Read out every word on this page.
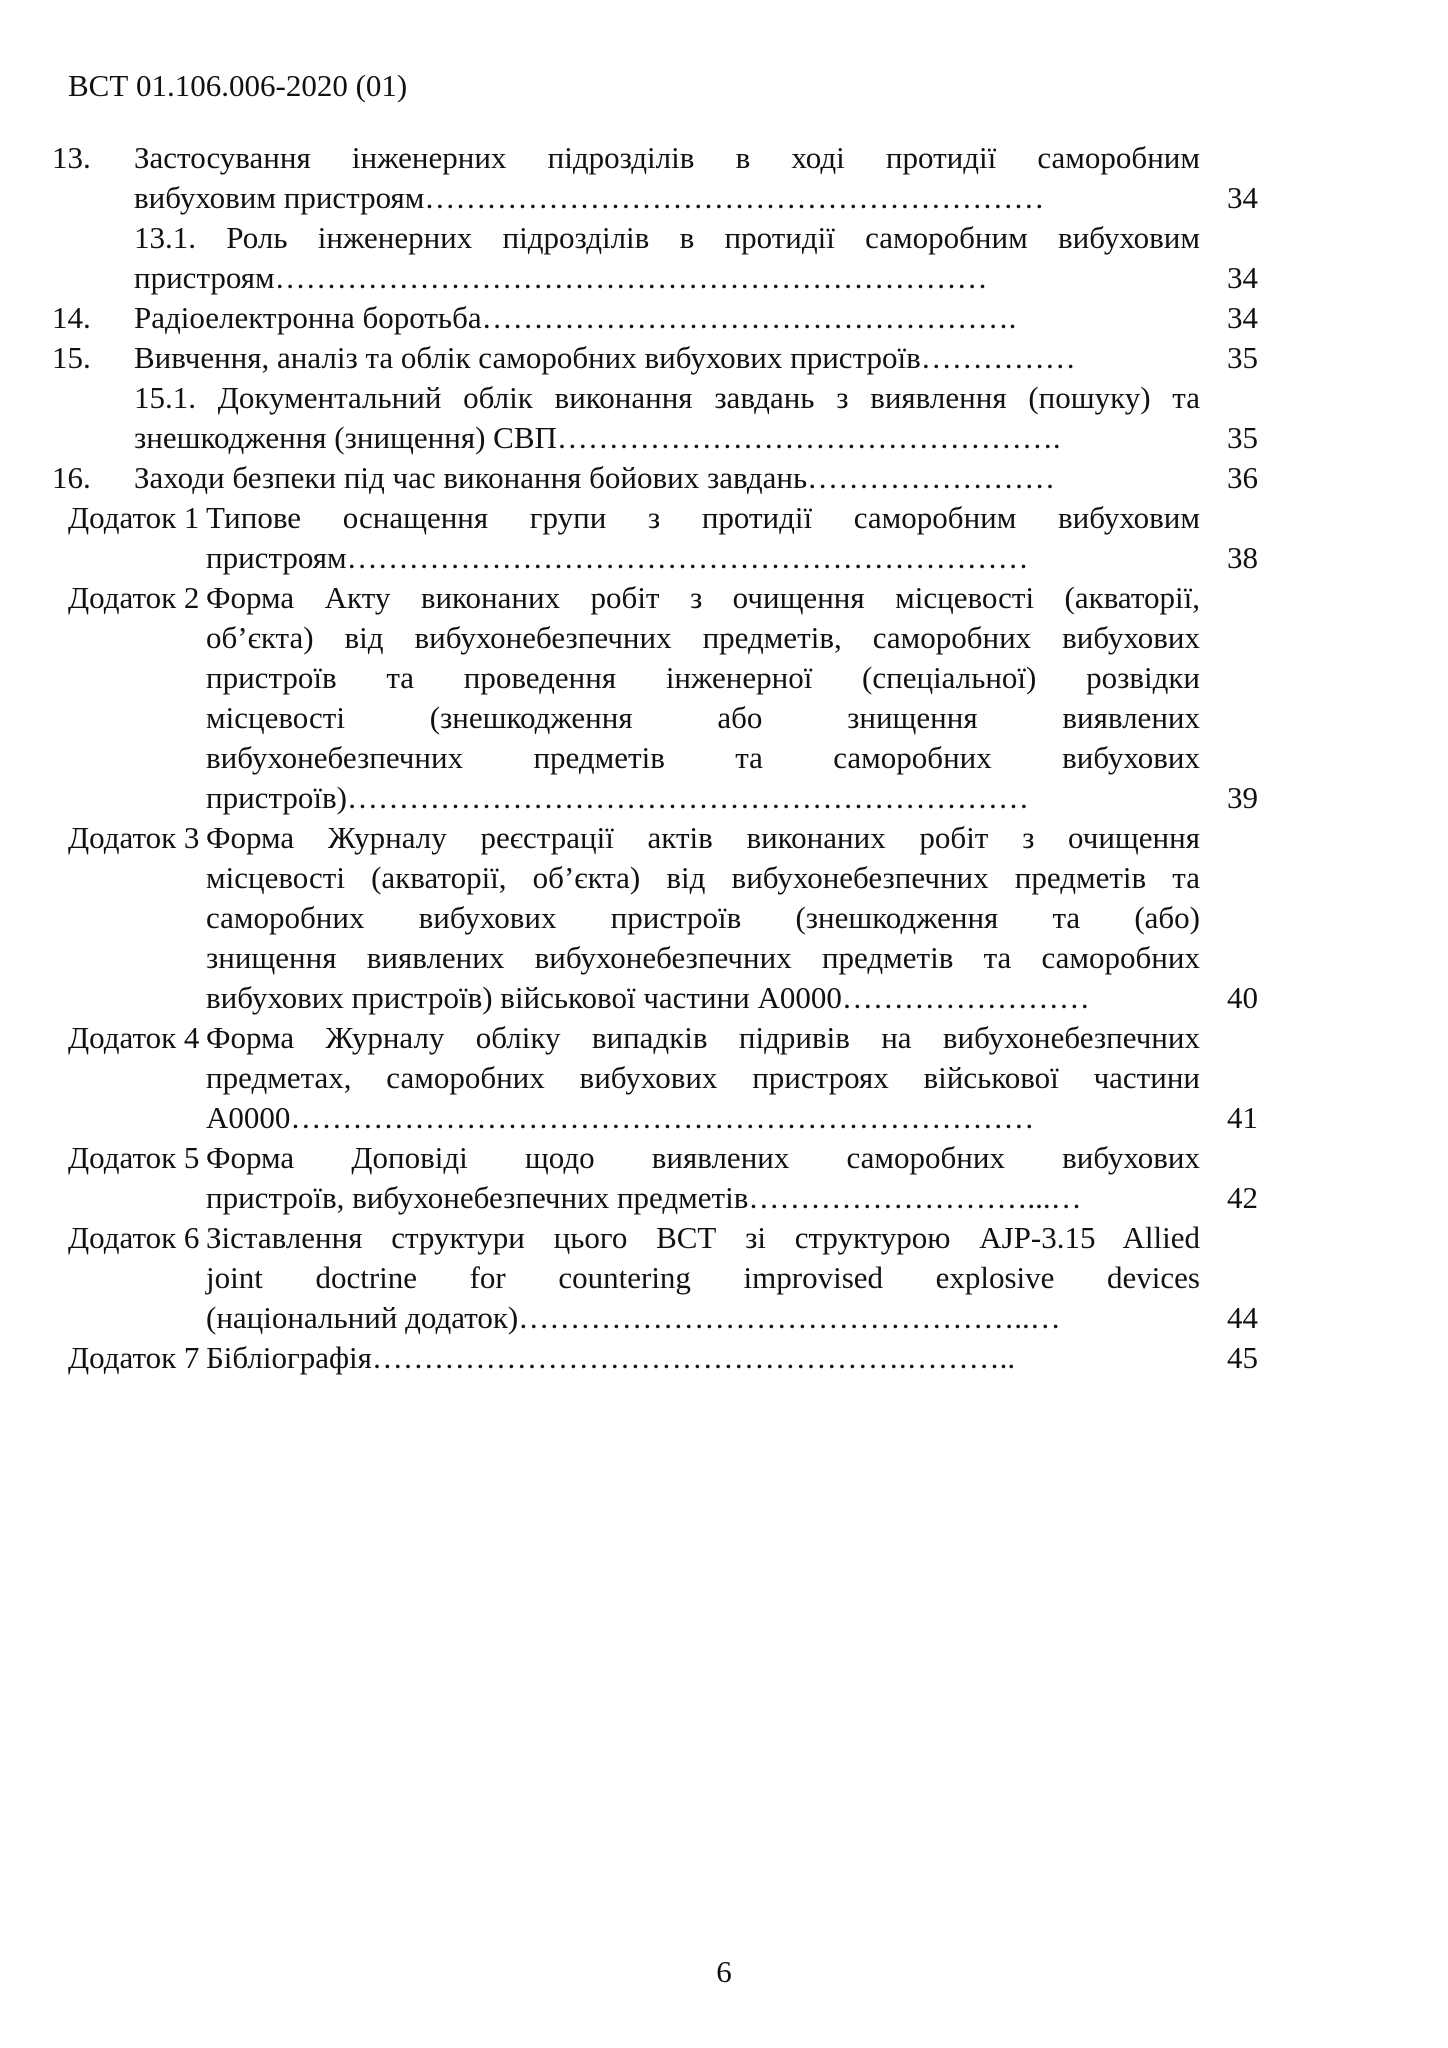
ВСТ 01.106.006-2020 (01)
13. Застосування інженерних підрозділів в ході протидії саморобним
вибуховим пристроям……………………………………………………	34
13.1. Роль інженерних підрозділів в протидії саморобним вибуховим
пристроям……………………………………………………………	34
14. Радіоелектронна боротьба…………………………………………….	34
15. Вивчення, аналіз та облік саморобних вибухових пристроїв……………	35
15.1. Документальний облік виконання завдань з виявлення (пошуку) та
знешкодження (знищення) СВП………………………………………….	35
16. Заходи безпеки під час виконання бойових завдань……………………	36
Додаток 1 Типове оснащення групи з протидії саморобним вибуховим
пристроям…………………………………………………………	38
Додаток 2 Форма Акту виконаних робіт з очищення місцевості (акваторії,
об’єкта) від вибухонебезпечних предметів, саморобних вибухових
пристроїв та проведення інженерної (спеціальної) розвідки
місцевості (знешкодження або знищення виявлених
вибухонебезпечних предметів та саморобних вибухових
пристроїв)…………………………………………………………	39
Додаток 3 Форма Журналу реєстрації актів виконаних робіт з очищення
місцевості (акваторії, об’єкта) від вибухонебезпечних предметів та
саморобних вибухових пристроїв (знешкодження та (або)
знищення виявлених вибухонебезпечних предметів та саморобних
вибухових пристроїв) військової частини А0000……………………	40
Додаток 4 Форма Журналу обліку випадків підривів на вибухонебезпечних
предметах, саморобних вибухових пристроях військової частини
А0000………………………………………………………………	41
Додаток 5 Форма Доповіді щодо виявлених саморобних вибухових
пристроїв, вибухонебезпечних предметів………………………...…	42
Додаток 6 Зіставлення структури цього ВСТ зі структурою AJP-3.15 Allied
joint doctrine for countering improvised explosive devices
(національний додаток)…………………………………………..…	44
Додаток 7 Бібліографія…………………………………………….………..	45
6
